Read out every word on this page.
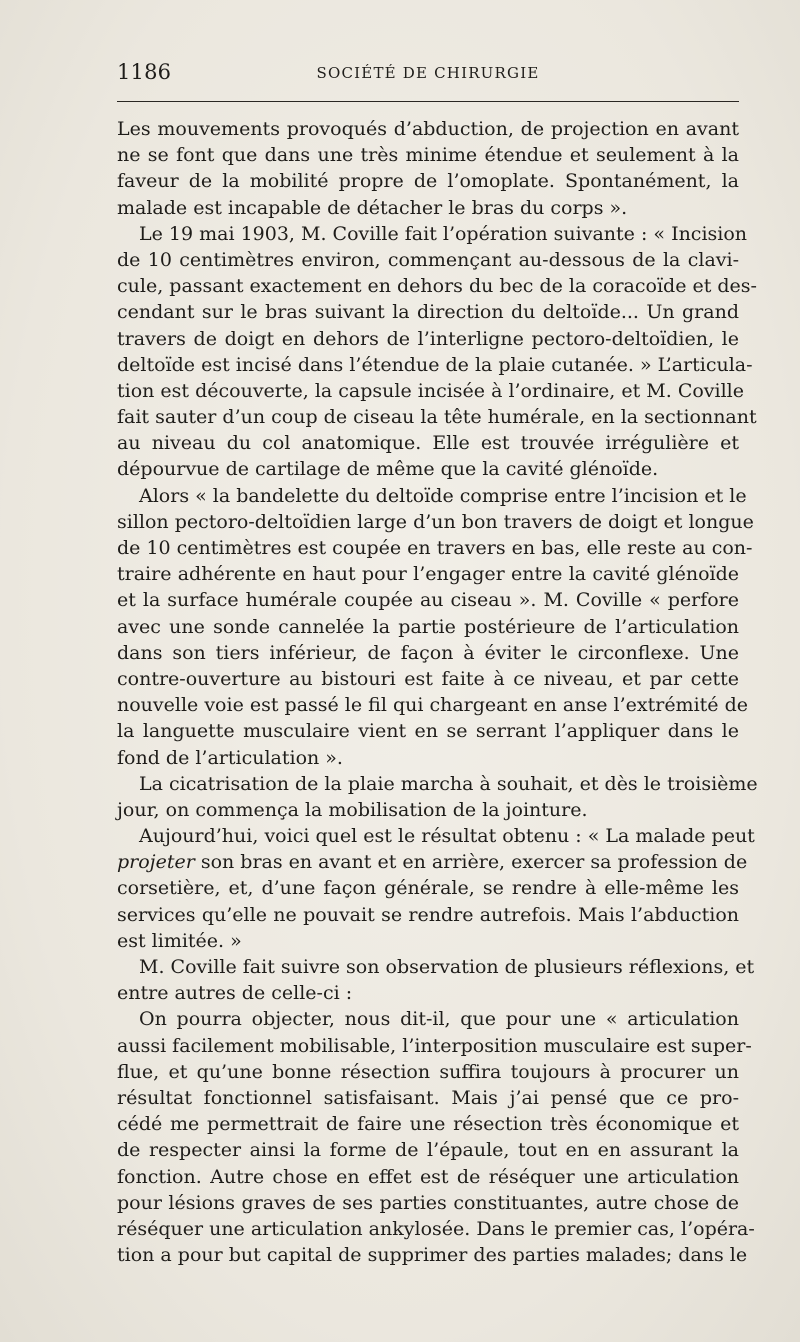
1186	SOCIÉTÉ DE CHIRURGIE
Les mouvements provoqués d’abduction, de projection en avant
ne se font que dans une très minime étendue et seulement à la
faveur de la mobilité propre de l’omoplate. Spontanément, la
malade est incapable de détacher le bras du corps ».
Le 19 mai 1903, M. Coville fait l’opération suivante : « Incision
de 10 centimètres environ, commençant au-dessous de la clavi-
cule, passant exactement en dehors du bec de la coracoïde et des-
cendant sur le bras suivant la direction du deltoïde... Un grand
travers de doigt en dehors de l’interligne pectoro-deltoïdien, le
deltoïde est incisé dans l’étendue de la plaie cutanée. » L’articula-
tion est découverte, la capsule incisée à l’ordinaire, et M. Coville
fait sauter d’un coup de ciseau la tête humérale, en la sectionnant
au niveau du col anatomique. Elle est trouvée irrégulière et
dépourvue de cartilage de même que la cavité glénoïde.
Alors « la bandelette du deltoïde comprise entre l’incision et le
sillon pectoro-deltoïdien large d’un bon travers de doigt et longue
de 10 centimètres est coupée en travers en bas, elle reste au con-
traire adhérente en haut pour l’engager entre la cavité glénoïde
et la surface humérale coupée au ciseau ». M. Coville « perfore
avec une sonde cannelée la partie postérieure de l’articulation
dans son tiers inférieur, de façon à éviter le circonflexe. Une
contre-ouverture au bistouri est faite à ce niveau, et par cette
nouvelle voie est passé le fil qui chargeant en anse l’extrémité de
la languette musculaire vient en se serrant l’appliquer dans le
fond de l’articulation ».
La cicatrisation de la plaie marcha à souhait, et dès le troisième
jour, on commença la mobilisation de la jointure.
Aujourd’hui, voici quel est le résultat obtenu : « La malade peut
projeter son bras en avant et en arrière, exercer sa profession de
corsetière, et, d’une façon générale, se rendre à elle-même les
services qu’elle ne pouvait se rendre autrefois. Mais l’abduction
est limitée. »
M. Coville fait suivre son observation de plusieurs réflexions, et
entre autres de celle-ci :
On pourra objecter, nous dit-il, que pour une « articulation
aussi facilement mobilisable, l’interposition musculaire est super-
flue, et qu’une bonne résection suffira toujours à procurer un
résultat fonctionnel satisfaisant. Mais j’ai pensé que ce pro-
cédé me permettrait de faire une résection très économique et
de respecter ainsi la forme de l’épaule, tout en en assurant la
fonction. Autre chose en effet est de réséquer une articulation
pour lésions graves de ses parties constituantes, autre chose de
réséquer une articulation ankylosée. Dans le premier cas, l’opéra-
tion a pour but capital de supprimer des parties malades; dans le
